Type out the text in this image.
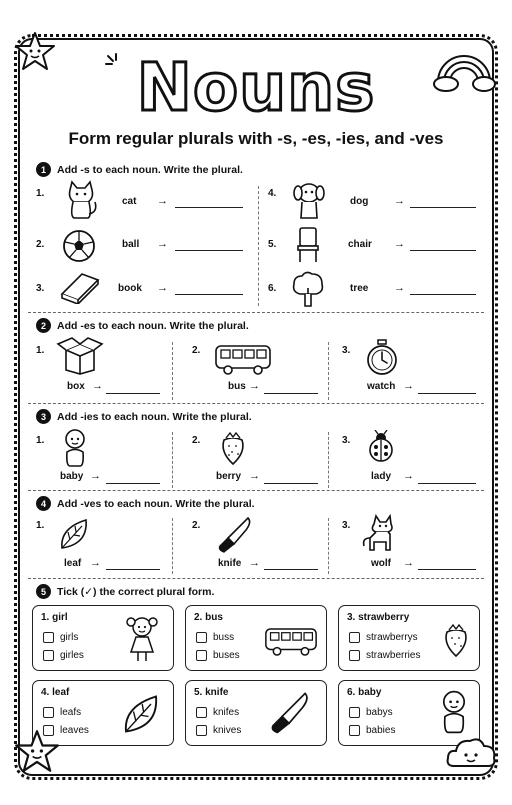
Nouns
Form regular plurals with -s, -es, -ies, and -ves
1	Add -s to each noun. Write the plural.
1.
cat →
2.	ball →
3.	book →
4.
dog →
5.	chair →
6.	tree →
2	Add -es to each noun. Write the plural.
1.
box →
2.
bus →
3.
watch →
3	Add -ies to each noun. Write the plural.
1.
baby →
2.
berry →
3.
lady →
4	Add -ves to each noun. Write the plural.
1.
leaf →
2.
knife →
3.
wolf →
5	Tick (✓) the correct plural form.
1. girl
girls
girles
2. bus
buss
buses
3. strawberry
strawberrys
strawberries
4. leaf
leafs
leaves
5. knife
knifes
knives
6. baby
babys
babies
